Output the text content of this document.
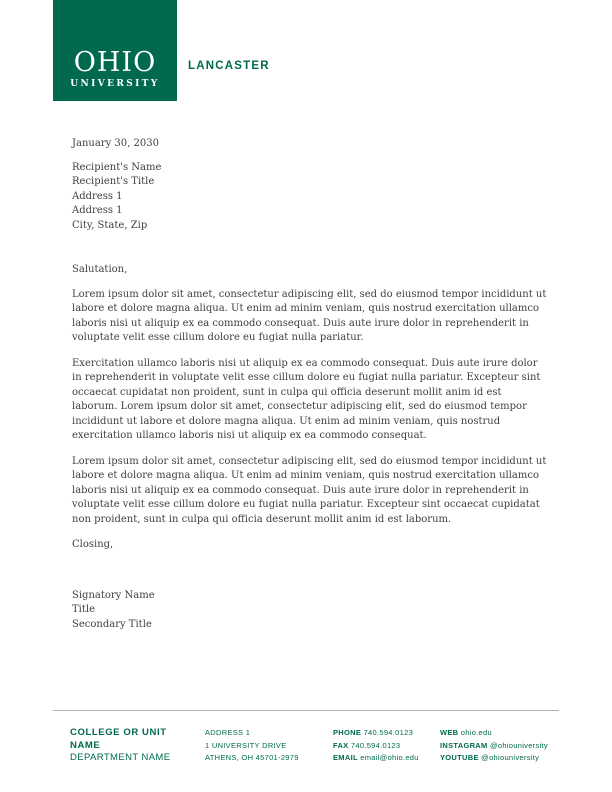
OHIO
UNIVERSITY
LANCASTER

January 30, 2030

Recipient's Name
Recipient's Title
Address 1
Address 1
City, State, Zip

Salutation,

Lorem ipsum dolor sit amet, consectetur adipiscing elit, sed do eiusmod tempor incididunt ut labore et dolore magna aliqua. Ut enim ad minim veniam, quis nostrud exercitation ullamco laboris nisi ut aliquip ex ea commodo consequat. Duis aute irure dolor in reprehenderit in voluptate velit esse cillum dolore eu fugiat nulla pariatur.

Exercitation ullamco laboris nisi ut aliquip ex ea commodo consequat. Duis aute irure dolor in reprehenderit in voluptate velit esse cillum dolore eu fugiat nulla pariatur. Excepteur sint occaecat cupidatat non proident, sunt in culpa qui officia deserunt mollit anim id est laborum. Lorem ipsum dolor sit amet, consectetur adipiscing elit, sed do eiusmod tempor incididunt ut labore et dolore magna aliqua. Ut enim ad minim veniam, quis nostrud exercitation ullamco laboris nisi ut aliquip ex ea commodo consequat.

Lorem ipsum dolor sit amet, consectetur adipiscing elit, sed do eiusmod tempor incididunt ut labore et dolore magna aliqua. Ut enim ad minim veniam, quis nostrud exercitation ullamco laboris nisi ut aliquip ex ea commodo consequat. Duis aute irure dolor in reprehenderit in voluptate velit esse cillum dolore eu fugiat nulla pariatur. Excepteur sint occaecat cupidatat non proident, sunt in culpa qui officia deserunt mollit anim id est laborum.

Closing,

Signatory Name
Title
Secondary Title
COLLEGE OR UNIT NAME
DEPARTMENT NAME
ADDRESS 1
1 UNIVERSITY DRIVE
ATHENS, OH 45701-2979
PHONE 740.594.0123
FAX 740.594.0123
EMAIL email@ohio.edu
WEB ohio.edu
INSTAGRAM @ohiouniversity
YOUTUBE @ohiouniversity
